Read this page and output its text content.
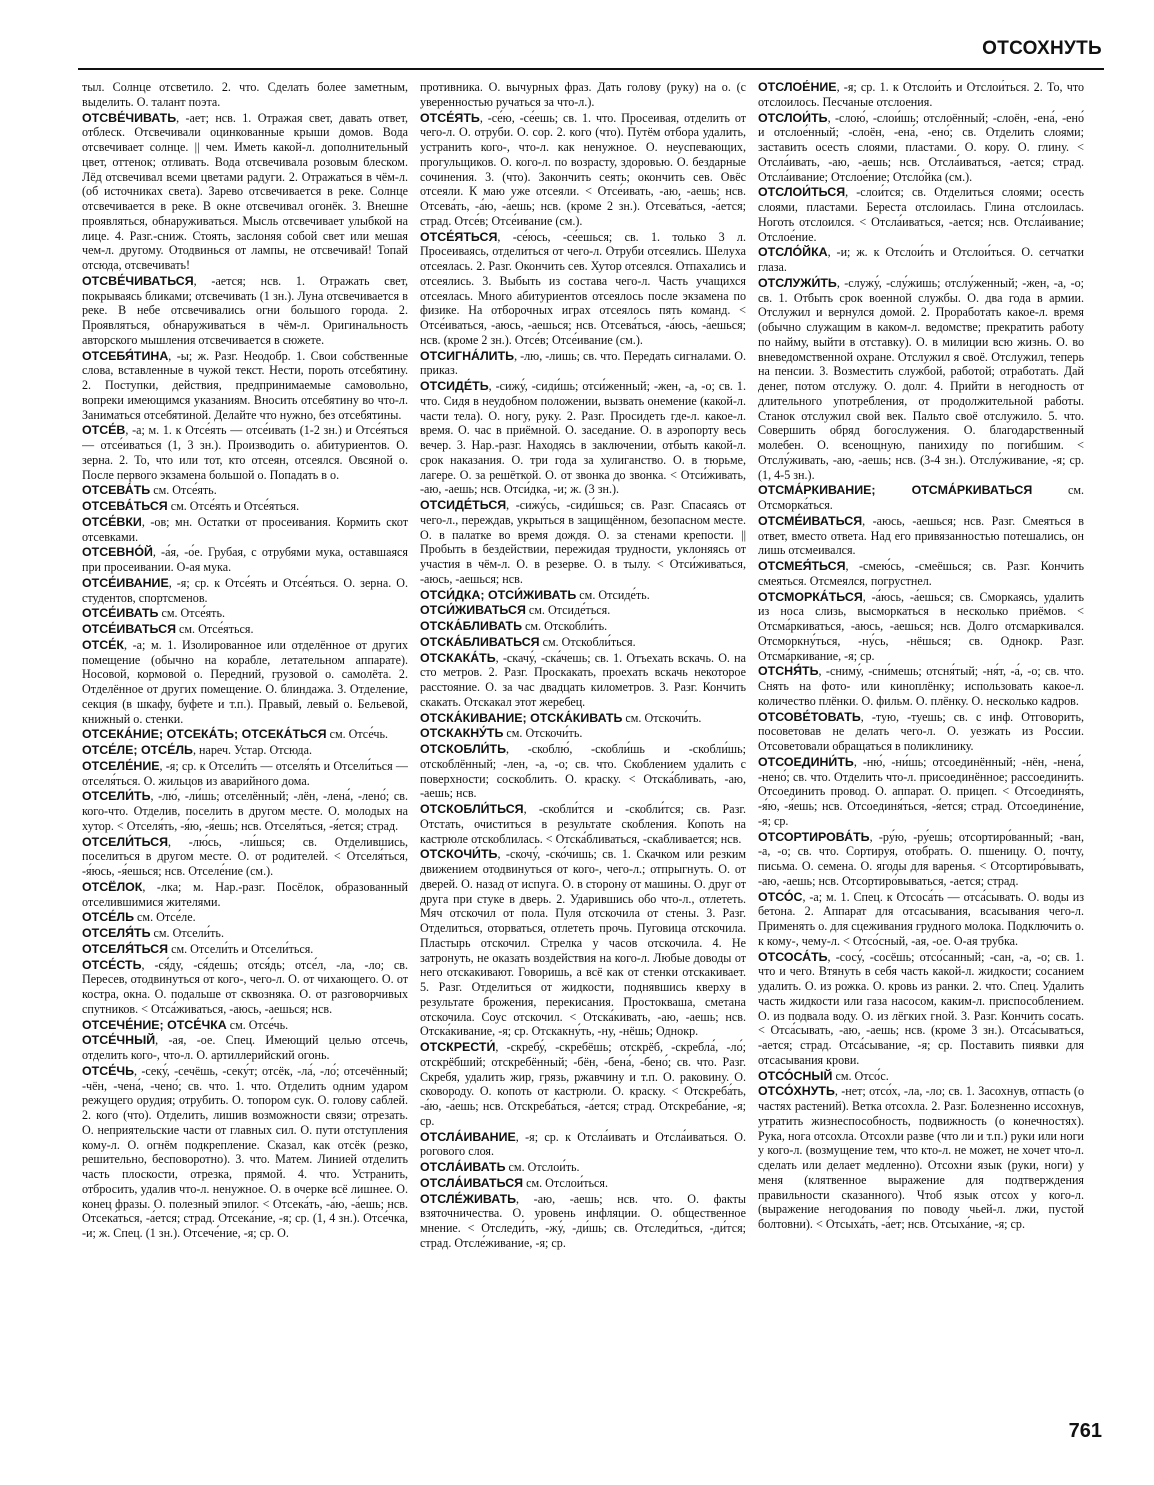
ОТСОХНУТЬ

тыл. Солнце отсветило. 2. что. Сделать более заметным, выделить. О. талант поэта.

ОТСВЕ́ЧИВАТЬ, -ает; нсв. 1. Отражая свет, давать ответ, отблеск. Отсвечивали оцинкованные крыши домов. Вода отсвечивает солнце. || чем. Иметь какой-л. дополнительный цвет, оттенок; отливать. Вода отсвечивала розовым блеском. Лёд отсвечивал всеми цветами радуги. 2. Отражаться в чём-л. (об источниках света). Зарево отсвечивается в реке. Солнце отсвечивается в реке. В окне отсвечивал огонёк. 3. Внешне проявляться, обнаруживаться. Мысль отсвечивает улыбкой на лице. 4. Разг.-сниж. Стоять, заслоняя собой свет или мешая чем-л. другому. Отодвинься от лампы, не отсвечивай! Топай отсюда, отсвечивать!

ОТСВЕ́ЧИВАТЬСЯ, -ается; нсв. 1. Отражать свет, покрываясь бликами; отсвечивать (1 зн.). Луна отсвечивается в реке. В небе отсвечивались огни большого города. 2. Проявляться, обнаруживаться в чём-л. Оригинальность авторского мышления отсвечивается в сюжете.

ОТСЕБЯ́ТИНА, -ы; ж. Разг. Неодобр. 1. Свои собственные слова, вставленные в чужой текст. Нести, пороть отсебятину. 2. Поступки, действия, предпринимаемые самовольно, вопреки имеющимся указаниям. Вносить отсебятину во что-л. Заниматься отсебятиной. Делайте что нужно, без отсебятины.

ОТСЕ́В, -а; м. 1. к Отсе́ять — отсе́ивать (1-2 зн.) и Отсе́яться — отсе́иваться (1, 3 зн.). Производить о. абитуриентов. О. зерна. 2. То, что или тот, кто отсеян, отсеялся. Овсяной о. После первого экзамена большой о. Попадать в о.

ОТСЕВА́ТЬ см. Отсе́ять.

ОТСЕВА́ТЬСЯ см. Отсе́ять и Отсе́яться.

ОТСЕ́ВКИ, -ов; мн. Остатки от просеивания. Кормить скот отсевками.

ОТСЕВНО́Й, -а́я, -о́е. Грубая, с отрубями мука, оставшаяся при просеивании. О-ая мука.

ОТСЕ́ИВАНИЕ, -я; ср. к Отсе́ять и Отсе́яться. О. зерна. О. студентов, спортсменов.

ОТСЕ́ИВАТЬ см. Отсе́ять.

ОТСЕ́ИВАТЬСЯ см. Отсе́яться.

ОТСЕ́К, -а; м. 1. Изолированное или отделённое от других помещение (обычно на корабле, летательном аппарате). Носовой, кормовой о. Передний, грузовой о. самолёта. 2. Отделённое от других помещение. О. блиндажа. 3. Отделение, секция (в шкафу, буфете и т.п.). Правый, левый о. Бельевой, книжный о. стенки.

ОТСЕКА́НИЕ; ОТСЕКА́ТЬ; ОТСЕКА́ТЬСЯ см. Отсе́чь.

ОТСЕ́ЛЕ; ОТСЕ́ЛЬ, нареч. Устар. Отсюда.

ОТСЕЛЕ́НИЕ, -я; ср. к Отсели́ть — отселя́ть и Отсели́ться — отселя́ться. О. жильцов из аварийного дома.

ОТСЕЛИ́ТЬ, -лю́, -ли́шь; отселённый; -лён, -лена́, -лено́; св. кого-что. Отделив, поселить в другом месте. О. молодых на хутор. < Отселя́ть, -я́ю, -я́ешь; нсв. Отселя́ться, -я́ется; страд.

ОТСЕЛИ́ТЬСЯ, -лю́сь, -ли́шься; св. Отделившись, поселиться в другом месте. О. от родителей. < Отселя́ться, -я́юсь, -я́ешься; нсв. Отселе́ние (см.).

ОТСЁЛОК, -лка; м. Нар.-разг. Посёлок, образованный отселившимися жителями.

ОТСЕ́ЛЬ см. Отсе́ле.

ОТСЕЛЯ́ТЬ см. Отсели́ть.

ОТСЕЛЯ́ТЬСЯ см. Отсели́ть и Отсели́ться.

ОТСЕ́СТЬ, -ся́ду, -ся́дешь; отся́дь; отсе́л, -ла, -ло; св. Пересев, отодвинуться от кого-, чего-л. О. от чихающего. О. от костра, окна. О. подальше от сквозняка. О. от разговорчивых спутников. < Отса́живаться, -аюсь, -аешься; нсв.

ОТСЕЧЕ́НИЕ; ОТСЕ́ЧКА см. Отсе́чь.

ОТСЕ́ЧНЫЙ, -ая, -ое. Спец. Имеющий целью отсечь, отделить кого-, что-л. О. артиллерийский огонь.

ОТСЕ́ЧЬ, -секу́, -сечёшь, -секу́т; отсёк, -ла́, -ло́; отсечённый; -чён, -чена́, -чено́; св. что. 1. что. Отделить одним ударом режущего орудия; отрубить. О. топором сук. О. голову саблей. 2. кого (что). Отделить, лишив возможности связи; отрезать. О. неприятельские части от главных сил. О. пути отступления кому-л. О. огнём подкрепление. Сказал, как отсёк (резко, решительно, бесповоротно). 3. что. Матем. Линией отделить часть плоскости, отрезка, прямой. 4. что. Устранить, отбросить, удалив что-л. ненужное. О. в очерке всё лишнее. О. конец фразы. О. полезный эпилог. < Отсека́ть, -а́ю, -а́ешь; нсв. Отсека́ться, -а́ется; страд. Отсека́ние, -я; ср. (1, 4 зн.). Отсе́чка, -и; ж. Спец. (1 зн.). Отсече́ние, -я; ср. О.

противника. О. вычурных фраз. Дать голову (руку) на о. (с уверенностью ручаться за что-л.).

ОТСЕ́ЯТЬ, -се́ю, -се́ешь; св. 1. что. Просеивая, отделить от чего-л. О. отруби. О. сор. 2. кого (что). Путём отбора удалить, устранить кого-, что-л. как ненужное. О. неуспевающих, прогульщиков. О. кого-л. по возрасту, здоровью. О. бездарные сочинения. 3. (что). Закончить сеять; окончить сев. Овёс отсеяли. К маю уже отсеяли. < Отсе́ивать, -аю, -аешь; нсв. Отсева́ть, -а́ю, -а́ешь; нсв. (кроме 2 зн.). Отсева́ться, -а́ется; страд. Отсе́в; Отсе́ивание (см.).

ОТСЕ́ЯТЬСЯ, -се́юсь, -се́ешься; св. 1. только 3 л. Просеиваясь, отделиться от чего-л. Отруби отсеялись. Шелуха отсеялась. 2. Разг. Окончить сев. Хутор отсеялся. Отпахались и отсеялись. 3. Выбыть из состава чего-л. Часть учащихся отсеялась. Много абитуриентов отсеялось после экзамена по физике. На отборочных играх отсеялось пять команд. < Отсе́иваться, -аюсь, -аешься; нсв. Отсева́ться, -а́юсь, -а́ешься; нсв. (кроме 2 зн.). Отсе́в; Отсе́ивание (см.).

ОТСИГНА́ЛИТЬ, -лю, -лишь; св. что. Передать сигналами. О. приказ.

ОТСИДЕ́ТЬ, -сижу́, -сиди́шь; отси́женный; -жен, -а, -о; св. 1. что. Сидя в неудобном положении, вызвать онемение (какой-л. части тела). О. ногу, руку. 2. Разг. Просидеть где-л. какое-л. время. О. час в приёмной. О. заседание. О. в аэропорту весь вечер. 3. Нар.-разг. Находясь в заключении, отбыть какой-л. срок наказания. О. три года за хулиганство. О. в тюрьме, лагере. О. за решёткой. О. от звонка до звонка. < Отси́живать, -аю, -аешь; нсв. Отси́дка, -и; ж. (3 зн.).

ОТСИДЕ́ТЬСЯ, -сижу́сь, -сиди́шься; св. Разг. Спасаясь от чего-л., переждав, укрыться в защищённом, безопасном месте. О. в палатке во время дождя. О. за стенами крепости. || Пробыть в бездействии, пережидая трудности, уклоняясь от участия в чём-л. О. в резерве. О. в тылу. < Отси́живаться, -аюсь, -аешься; нсв.

ОТСИ́ДКА; ОТСИ́ЖИВАТЬ см. Отсиде́ть.

ОТСИ́ЖИВАТЬСЯ см. Отсиде́ться.

ОТСКА́БЛИВАТЬ см. Отскобли́ть.

ОТСКА́БЛИВАТЬСЯ см. Отскобли́ться.

ОТСКАКА́ТЬ, -скачу́, -ска́чешь; св. 1. Отъехать вскачь. О. на сто метров. 2. Разг. Проскакать, проехать вскачь некоторое расстояние. О. за час двадцать километров. 3. Разг. Кончить скакать. Отскакал этот жеребец.

ОТСКА́КИВАНИЕ; ОТСКА́КИВАТЬ см. Отскочи́ть.

ОТСКАКНУ́ТЬ см. Отскочи́ть.

ОТСКОБЛИ́ТЬ, -скоблю́, -скобли́шь и -скобли́шь; отскоблённый; -лен, -а, -о; св. что. Скоблением удалить с поверхности; соскоблить. О. краску. < Отска́бливать, -аю, -аешь; нсв.

ОТСКОБЛИ́ТЬСЯ, -скобли́тся и -скобли́тся; св. Разг. Отстать, очиститься в результате скобления. Копоть на кастрюле отскоблилась. < Отска́бливаться, -скабливается; нсв.

ОТСКОЧИ́ТЬ, -скочу́, -ско́чишь; св. 1. Скачком или резким движением отодвинуться от кого-, чего-л.; отпрыгнуть. О. от дверей. О. назад от испуга. О. в сторону от машины. О. друг от друга при стуке в дверь. 2. Ударившись обо что-л., отлететь. Мяч отскочил от пола. Пуля отскочила от стены. 3. Разг. Отделиться, оторваться, отлететь прочь. Пуговица отскочила. Пластырь отскочил. Стрелка у часов отскочила. 4. Не затронуть, не оказать воздействия на кого-л. Любые доводы от него отскакивают. Говоришь, а всё как от стенки отскакивает. 5. Разг. Отделиться от жидкости, поднявшись кверху в результате брожения, перекисания. Простокваша, сметана отскочила. Соус отскочил. < Отска́кивать, -аю, -аешь; нсв. Отска́кивание, -я; ср. Отскакну́ть, -ну, -нёшь; Однокр.

ОТСКРЕСТИ́, -скребу́, -скребёшь; отскрёб, -скребла́, -ло́; отскрёбший; отскребённый; -бён, -бена́, -бено́; св. что. Разг. Скребя, удалить жир, грязь, ржавчину и т.п. О. раковину. О. сковороду. О. копоть от кастрюли. О. краску. < Отскреба́ть, -а́ю, -а́ешь; нсв. Отскреба́ться, -а́ется; страд. Отскреба́ние, -я; ср.

ОТСЛА́ИВАНИЕ, -я; ср. к Отсла́ивать и Отсла́иваться. О. рогового слоя.

ОТСЛА́ИВАТЬ см. Отслои́ть.

ОТСЛА́ИВАТЬСЯ см. Отслои́ться.

ОТСЛЕ́ЖИВАТЬ, -аю, -аешь; нсв. что. О. факты взяточничества. О. уровень инфляции. О. общественное мнение. < Отследи́ть, -жу́, -ди́шь; св. Отследи́ться, -ди́тся; страд. Отсле́живание, -я; ср.

ОТСЛОЕ́НИЕ, -я; ср. 1. к Отслои́ть и Отслои́ться. 2. То, что отслоилось. Песчаные отслоения.

ОТСЛОИ́ТЬ, -слою́, -слои́шь; отслоённый; -слоён, -ена́, -ено́ и отслое́нный; -слоён, -ена́, -ено́; св. Отделить слоями; заставить осесть слоями, пластами. О. кору. О. глину. < Отсла́ивать, -аю, -аешь; нсв. Отсла́иваться, -ается; страд. Отсла́ивание; Отслое́ние; Отсло́йка (см.).

ОТСЛОИ́ТЬСЯ, -слои́тся; св. Отделиться слоями; осесть слоями, пластами. Береста отслоилась. Глина отслоилась. Ноготь отслоился. < Отсла́иваться, -ается; нсв. Отсла́ивание; Отслое́ние.

ОТСЛО́ЙКА, -и; ж. к Отслои́ть и Отслои́ться. О. сетчатки глаза.

ОТСЛУЖИ́ТЬ, -служу́, -слу́жишь; отслу́женный; -жен, -а, -о; св. 1. Отбыть срок военной службы. О. два года в армии. Отслужил и вернулся домой. 2. Проработать какое-л. время (обычно служащим в каком-л. ведомстве; прекратить работу по найму, выйти в отставку). О. в милиции всю жизнь. О. во вневедомственной охране. Отслужил я своё. Отслужил, теперь на пенсии. 3. Возместить службой, работой; отработать. Дай денег, потом отслужу. О. долг. 4. Прийти в негодность от длительного употребления, от продолжительной работы. Станок отслужил свой век. Пальто своё отслужило. 5. что. Совершить обряд богослужения. О. благодарственный молебен. О. всенощную, панихиду по погибшим. < Отслу́живать, -аю, -аешь; нсв. (3-4 зн.). Отслу́живание, -я; ср. (1, 4-5 зн.).

ОТСМА́РКИВАНИЕ; ОТСМА́РКИВАТЬСЯ см. Отсморка́ться.

ОТСМЕ́ИВАТЬСЯ, -аюсь, -аешься; нсв. Разг. Смеяться в ответ, вместо ответа. Над его привязанностью потешались, он лишь отсмеивался.

ОТСМЕЯ́ТЬСЯ, -смею́сь, -смеёшься; св. Разг. Кончить смеяться. Отсмеялся, погрустнел.

ОТСМОРКА́ТЬСЯ, -а́юсь, -а́ешься; св. Сморкаясь, удалить из носа слизь, высморкаться в несколько приёмов. < Отсма́ркиваться, -аюсь, -аешься; нсв. Долго отсмаркивался. Отсморкну́ться, -ну́сь, -нёшься; св. Однокр. Разг. Отсма́ркивание, -я; ср.

ОТСНЯ́ТЬ, -сниму́, -сни́мешь; отсня́тый; -ня́т, -а́, -о; св. что. Снять на фото- или киноплёнку; использовать какое-л. количество плёнки. О. фильм. О. плёнку. О. несколько кадров.

ОТСОВЕ́ТОВАТЬ, -тую, -туешь; св. с инф. Отговорить, посоветовав не делать чего-л. О. уезжать из России. Отсоветовали обращаться в поликлинику.

ОТСОЕДИНИ́ТЬ, -ню́, -ни́шь; отсоединённый; -нён, -нена́, -нено́; св. что. Отделить что-л. присоединённое; рассоединить. Отсоединить провод. О. аппарат. О. прицеп. < Отсоединя́ть, -я́ю, -я́ешь; нсв. Отсоединя́ться, -я́ется; страд. Отсоедине́ние, -я; ср.

ОТСОРТИРОВА́ТЬ, -ру́ю, -ру́ешь; отсортиро́ванный; -ван, -а, -о; св. что. Сортируя, отобрать. О. пшеницу. О. почту, письма. О. семена. О. ягоды для варенья. < Отсортиро́вывать, -аю, -аешь; нсв. Отсортиро́вываться, -ается; страд.

ОТСО́С, -а; м. 1. Спец. к Отсоса́ть — отса́сывать. О. воды из бетона. 2. Аппарат для отсасывания, всасывания чего-л. Применять о. для сцеживания грудного молока. Подключить о. к кому-, чему-л. < Отсо́сный, -ая, -ое. О-ая трубка.

ОТСОСА́ТЬ, -сосу́, -сосёшь; отсо́санный; -сан, -а, -о; св. 1. что и чего. Втянуть в себя часть какой-л. жидкости; сосанием удалить. О. из рожка. О. кровь из ранки. 2. что. Спец. Удалить часть жидкости или газа насосом, каким-л. приспособлением. О. из подвала воду. О. из лёгких гной. 3. Разг. Кончить сосать. < Отса́сывать, -аю, -аешь; нсв. (кроме 3 зн.). Отса́сываться, -ается; страд. Отса́сывание, -я; ср. Поставить пиявки для отсасывания крови.

ОТСО́СНЫЙ см. Отсо́с.

ОТСО́ХНУТЬ, -нет; отсо́х, -ла, -ло; св. 1. Засохнув, отпасть (о частях растений). Ветка отсохла. 2. Разг. Болезненно иссохнув, утратить жизнеспособность, подвижность (о конечностях). Рука, нога отсохла. Отсохли разве (что ли и т.п.) руки или ноги у кого-л. (возмущение тем, что кто-л. не может, не хочет что-л. сделать или делает медленно). Отсохни язык (руки, ноги) у меня (клятвенное выражение для подтверждения правильности сказанного). Чтоб язык отсох у кого-л. (выражение негодования по поводу чьей-л. лжи, пустой болтовни). < Отсыха́ть, -а́ет; нсв. Отсыха́ние, -я; ср.

761
